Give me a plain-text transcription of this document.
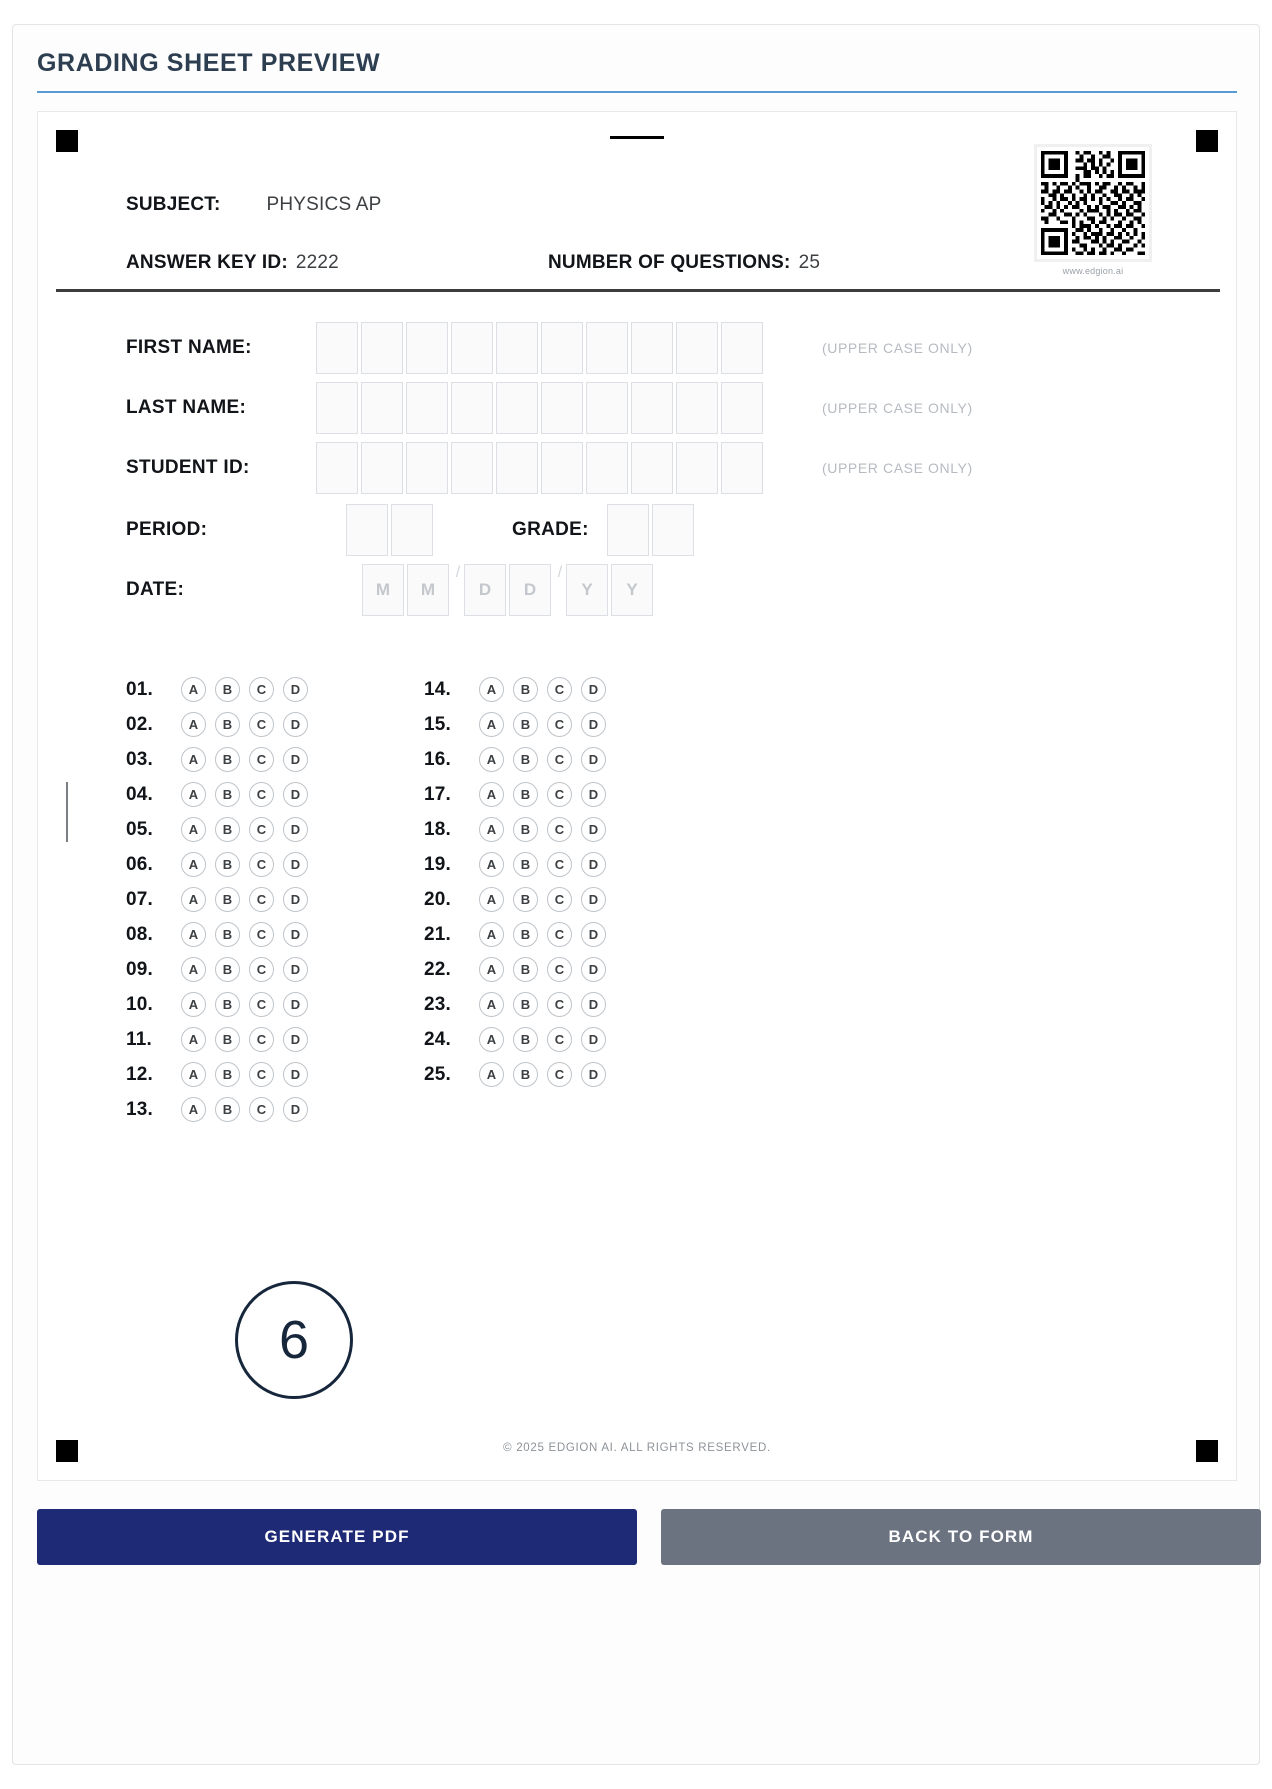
GRADING SHEET PREVIEW
www.edgion.ai
SUBJECT: PHYSICS AP
ANSWER KEY ID: 2222	NUMBER OF QUESTIONS: 25
FIRST NAME:	(UPPER CASE ONLY)
LAST NAME:	(UPPER CASE ONLY)
STUDENT ID:	(UPPER CASE ONLY)
PERIOD:	GRADE:
DATE:	M	M
/
D	D
/
Y	Y
01.	A	B	C	D
02.	A	B	C	D
03.	A	B	C	D
04.	A	B	C	D
05.	A	B	C	D
06.	A	B	C	D
07.	A	B	C	D
08.	A	B	C	D
09.	A	B	C	D
10.	A	B	C	D
11.	A	B	C	D
12.	A	B	C	D
13.	A	B	C	D
14.	A	B	C	D
15.	A	B	C	D
16.	A	B	C	D
17.	A	B	C	D
18.	A	B	C	D
19.	A	B	C	D
20.	A	B	C	D
21.	A	B	C	D
22.	A	B	C	D
23.	A	B	C	D
24.	A	B	C	D
25.	A	B	C	D
© 2025 EDGION AI. ALL RIGHTS RESERVED.
6
GENERATE PDF	BACK TO FORM
